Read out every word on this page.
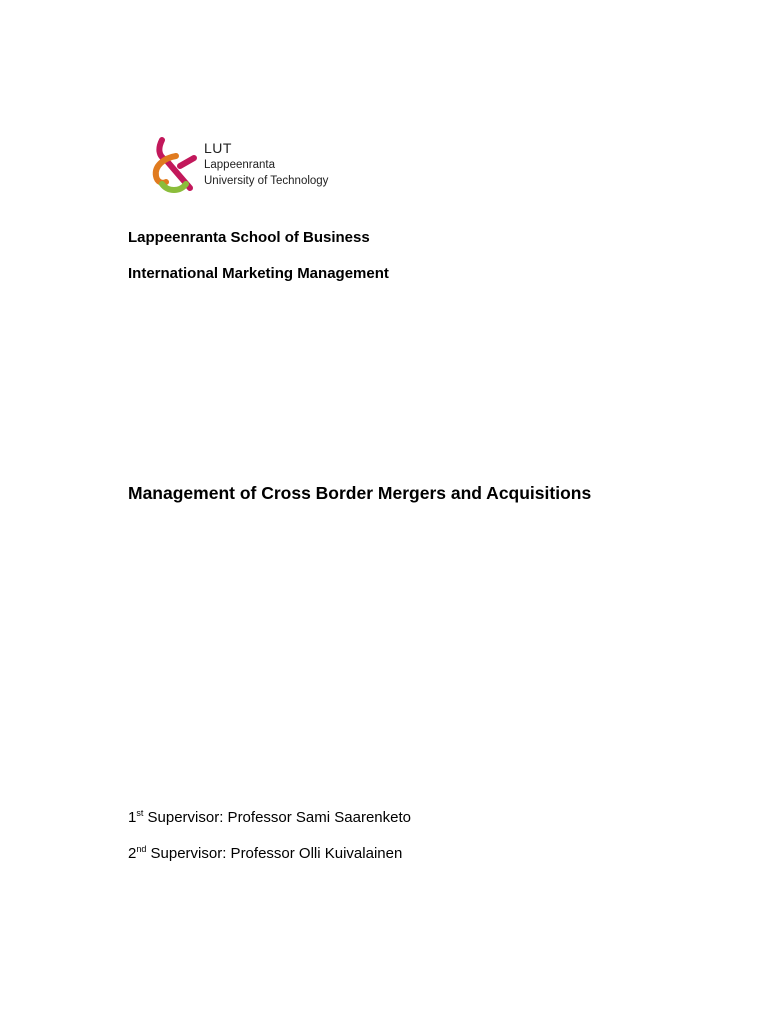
LUT
Lappeenranta
University of Technology
Lappeenranta School of Business
International Marketing Management
Management of Cross Border Mergers and Acquisitions
1st Supervisor: Professor Sami Saarenketo
2nd Supervisor: Professor Olli Kuivalainen
